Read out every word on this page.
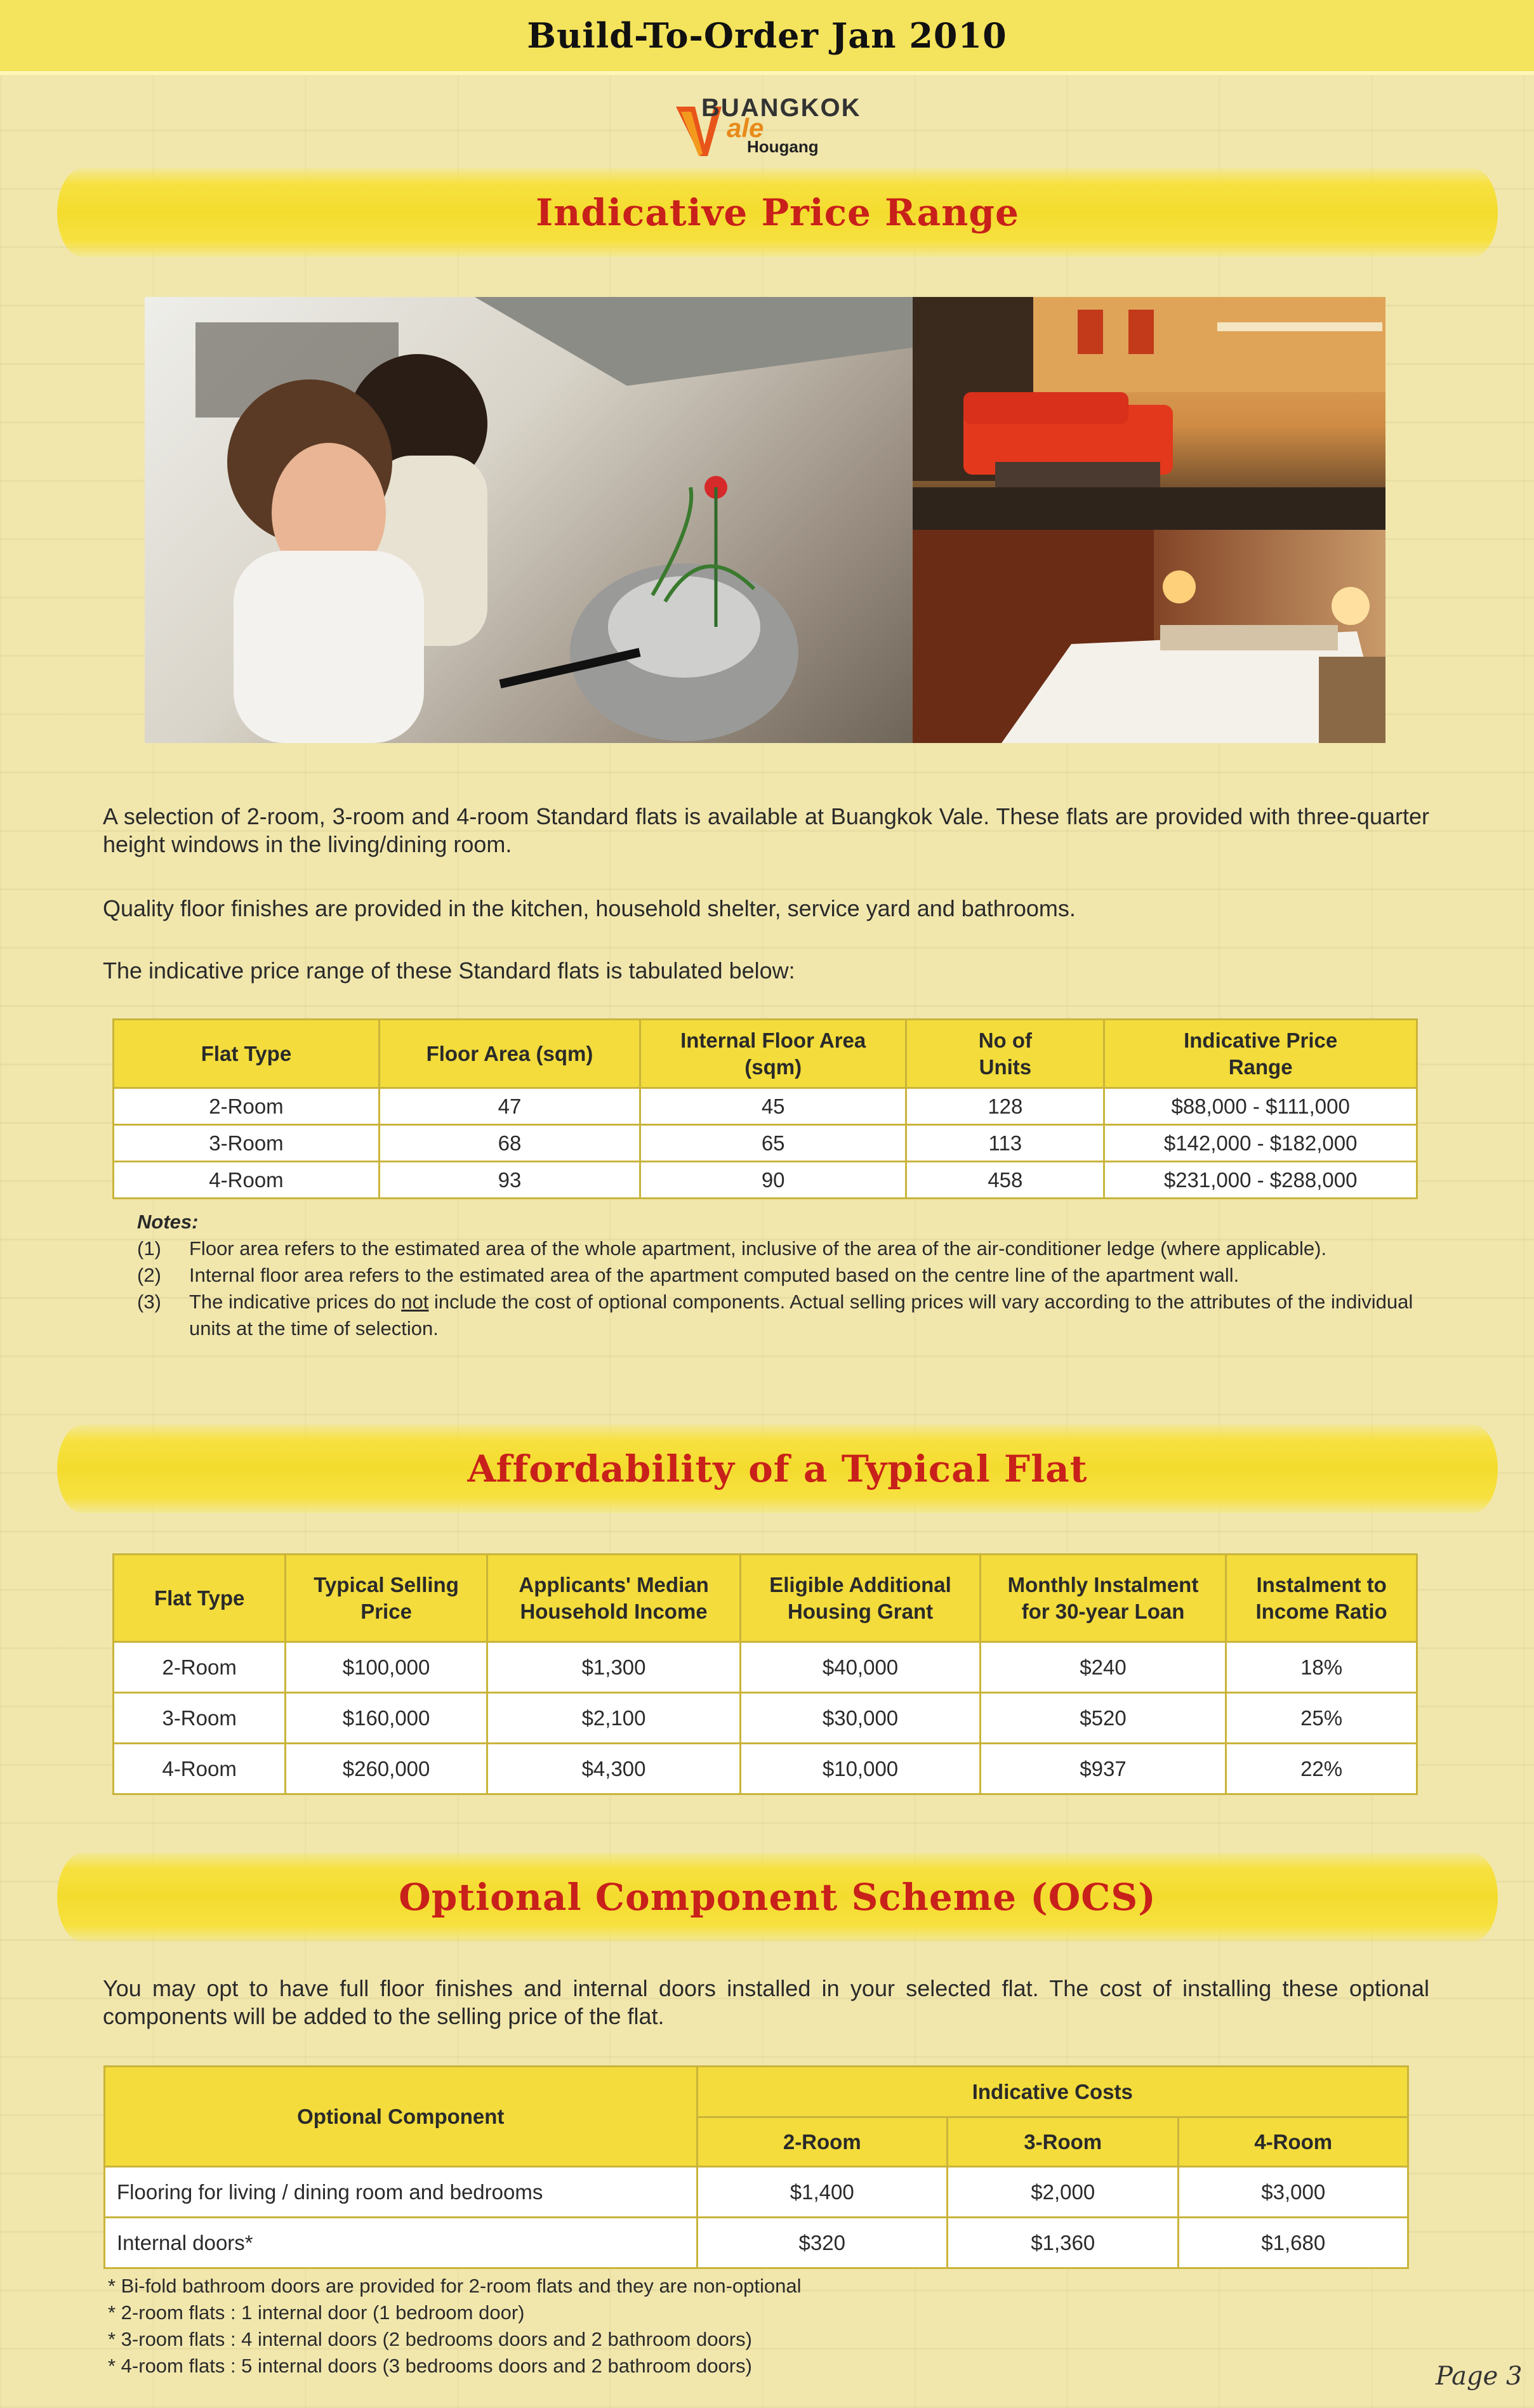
Build-To-Order Jan 2010
BUANGKOK
ale
Hougang
Indicative Price Range

A selection of 2-room, 3-room and 4-room Standard flats is available at Buangkok Vale. These flats are provided with three-quarter height windows in the living/dining room.

Quality floor finishes are provided in the kitchen, household shelter, service yard and bathrooms.

The indicative price range of these Standard flats is tabulated below:

Flat Type	Floor Area (sqm)	Internal Floor Area (sqm)	No of Units	Indicative Price Range
2-Room	47	45	128	$88,000 - $111,000
3-Room	68	65	113	$142,000 - $182,000
4-Room	93	90	458	$231,000 - $288,000
Notes:
(1)	Floor area refers to the estimated area of the whole apartment, inclusive of the area of the air-conditioner ledge (where applicable).
(2)	Internal floor area refers to the estimated area of the apartment computed based on the centre line of the apartment wall.
(3)	The indicative prices do not include the cost of optional components. Actual selling prices will vary according to the attributes of the individual units at the time of selection.
Affordability of a Typical Flat
Flat Type	Typical Selling Price	Applicants' Median Household Income	Eligible Additional Housing Grant	Monthly Instalment for 30-year Loan	Instalment to Income Ratio
2-Room	$100,000	$1,300	$40,000	$240	18%
3-Room	$160,000	$2,100	$30,000	$520	25%
4-Room	$260,000	$4,300	$10,000	$937	22%
Optional Component Scheme (OCS)

You may opt to have full floor finishes and internal doors installed in your selected flat. The cost of installing these optional components will be added to the selling price of the flat.

Optional Component	Indicative Costs		
	2-Room	3-Room	4-Room
Flooring for living / dining room and bedrooms	$1,400	$2,000	$3,000
Internal doors*	$320	$1,360	$1,680
* Bi-fold bathroom doors are provided for 2-room flats and they are non-optional
* 2-room flats : 1 internal door (1 bedroom door)
* 3-room flats : 4 internal doors (2 bedrooms doors and 2 bathroom doors)
* 4-room flats : 5 internal doors (3 bedrooms doors and 2 bathroom doors)	Page 3
